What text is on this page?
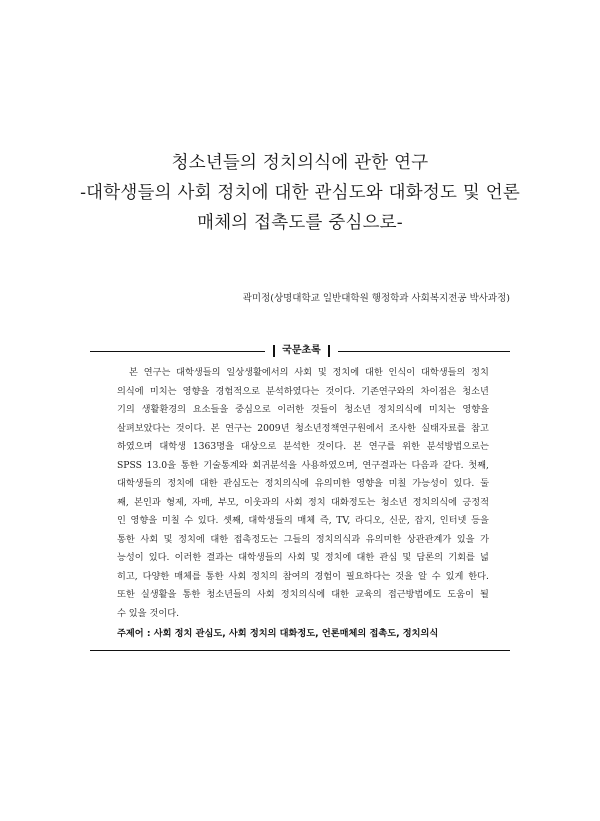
청소년들의 정치의식에 관한 연구
-대학생들의 사회 정치에 대한 관심도와 대화정도 및 언론
매체의 접촉도를 중심으로-
곽미정(상명대학교 일반대학원 행정학과 사회복지전공 박사과정)
국문초록
본 연구는 대학생들의 일상생활에서의 사회 및 정치에 대한 인식이 대학생들의 정치
의식에 미치는 영향을 경험적으로 분석하였다는 것이다. 기존연구와의 차이점은 청소년
기의 생활환경의 요소들을 중심으로 이러한 것들이 청소년 정치의식에 미치는 영향을
살펴보았다는 것이다. 본 연구는 2009년 청소년정책연구원에서 조사한 실태자료를 참고
하였으며 대학생 1363명을 대상으로 분석한 것이다. 본 연구를 위한 분석방법으로는
SPSS 13.0을 통한 기술통계와 회귀분석을 사용하였으며, 연구결과는 다음과 같다. 첫째,
대학생들의 정치에 대한 관심도는 정치의식에 유의미한 영향을 미칠 가능성이 있다. 둘
째, 본인과 형제, 자매, 부모, 이웃과의 사회 정치 대화정도는 청소년 정치의식에 긍정적
인 영향을 미칠 수 있다. 셋째, 대학생들의 매체 즉, TV, 라디오, 신문, 잡지, 인터넷 등을
통한 사회 및 정치에 대한 접촉정도는 그들의 정치의식과 유의미한 상관관계가 있을 가
능성이 있다. 이러한 결과는 대학생들의 사회 및 정치에 대한 관심 및 담론의 기회를 넓
히고, 다양한 매체를 통한 사회 정치의 참여의 경험이 필요하다는 것을 알 수 있게 한다.
또한 실생활을 통한 청소년들의 사회 정치의식에 대한 교육의 접근방법에도 도움이 될
수 있을 것이다.
주제어 : 사회 정치 관심도, 사회 정치의 대화정도, 언론매체의 접촉도, 정치의식
